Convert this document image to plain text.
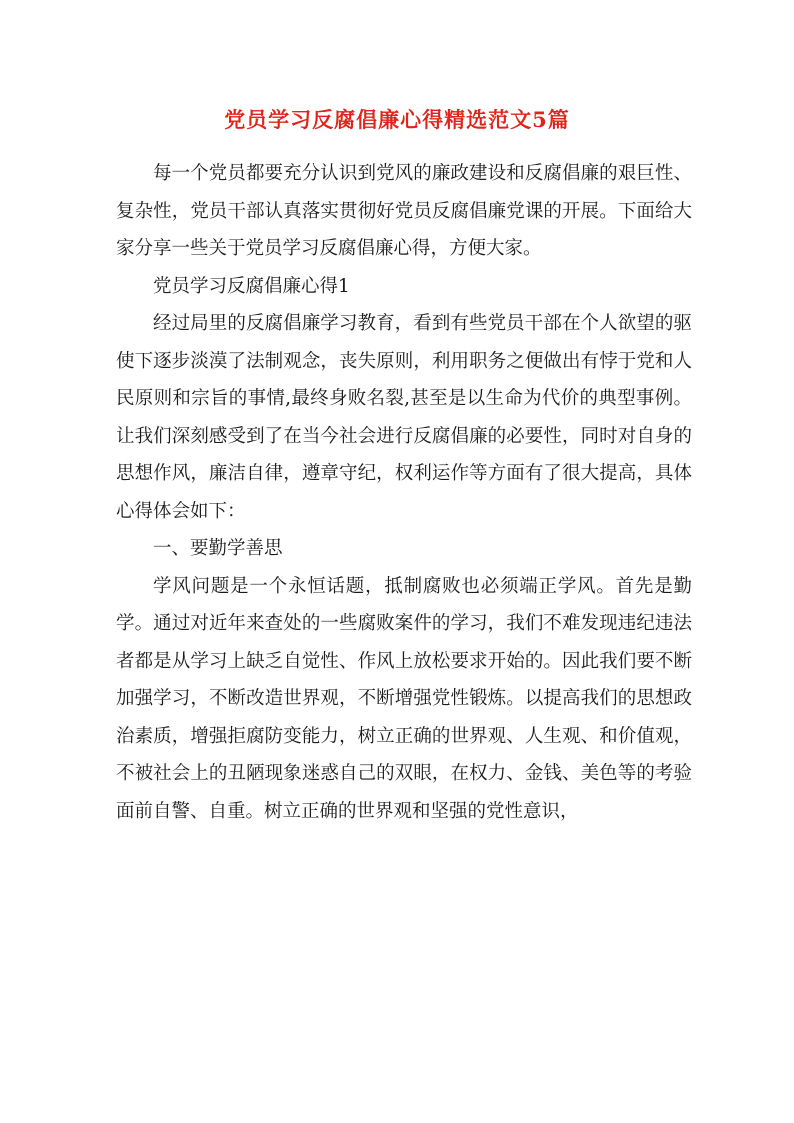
党员学习反腐倡廉心得精选范文5篇

每一个党员都要充分认识到党风的廉政建设和反腐倡廉的艰巨性、复杂性，党员干部认真落实贯彻好党员反腐倡廉党课的开展。下面给大家分享一些关于党员学习反腐倡廉心得，方便大家。

党员学习反腐倡廉心得1

经过局里的反腐倡廉学习教育，看到有些党员干部在个人欲望的驱使下逐步淡漠了法制观念，丧失原则，利用职务之便做出有悖于党和人民原则和宗旨的事情,最终身败名裂,甚至是以生命为代价的典型事例。让我们深刻感受到了在当今社会进行反腐倡廉的必要性，同时对自身的思想作风，廉洁自律，遵章守纪，权利运作等方面有了很大提高，具体心得体会如下：

一、要勤学善思

学风问题是一个永恒话题，抵制腐败也必须端正学风。首先是勤学。通过对近年来查处的一些腐败案件的学习，我们不难发现违纪违法者都是从学习上缺乏自觉性、作风上放松要求开始的。因此我们要不断加强学习，不断改造世界观，不断增强党性锻炼。以提高我们的思想政治素质，增强拒腐防变能力，树立正确的世界观、人生观、和价值观，不被社会上的丑陋现象迷惑自己的双眼，在权力、金钱、美色等的考验面前自警、自重。树立正确的世界观和坚强的党性意识，
